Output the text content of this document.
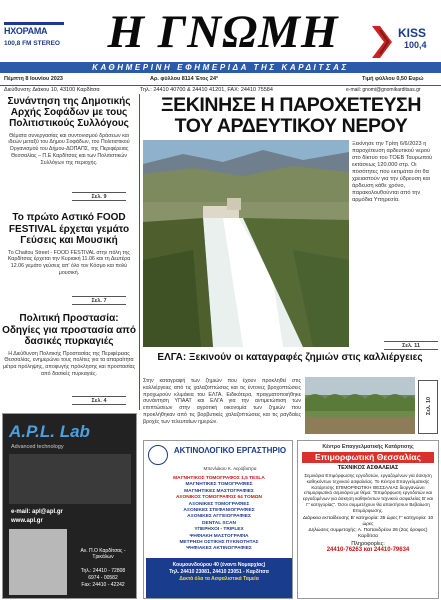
ΗΧΟΡΑΜΑ
100,8 FM STEREO	Η ΓΝΩΜΗ	KISS
100,4
ΚΑΘΗΜΕΡΙΝΗ ΕΦΗΜΕΡΙΔΑ ΤΗΣ ΚΑΡΔΙΤΣΑΣ
Πέμπτη 8 Ιουνίου 2023	Αρ. φύλλου 8114 Έτος 24°	Τιμή φύλλου 0,50 Ευρώ
Διεύθυνση: Διάκου 10, 43100 Καρδίτσα	Τηλ.: 24410 40700 & 24410 41201, FAX: 24410 75584	e-mail: gnomi@gnomikarditsas.gr
Συνάντηση της Δημοτικής Αρχής Σοφάδων με τους Πολιτιστικούς Συλλόγους
Θέματα συνεργασίας και συντονισμού δράσεων και ιδεών μεταξύ του Δήμου Σοφάδων, του Πολιτιστικού Οργανισμού του Δήμου-ΔΟΠΑΠΣ, της Περιφέρειας Θεσσαλίας – Π.Ε Καρδίτσας και των Πολιτιστικών Συλλόγων της περιοχής.
Σελ. 9
Το πρώτο Αστικό FOOD FESTIVAL έρχεται γεμάτο Γεύσεις και Μουσική
Το Chaitou Street - FOOD FESTIVAL στην πόλη της Καρδίτσας έρχεται την Κυριακή 11.06 και τη Δευτέρα 12.06 γεμάτο γεύσεις απ' όλο τον Κόσμο και πολύ μουσική.
Σελ. 7
Πολιτική Προστασία: Οδηγίες για προστασία από δασικές πυρκαγιές
Η Διεύθυνση Πολιτικής Προστασίας της Περιφέρειας Θεσσαλίας, ενημερώνει τους πολίτες για τα απαραίτητα μέτρα πρόληψης, αποφυγής πρόκλησης και προστασίας από δασικές πυρκαγιές.
Σελ. 4
ΞΕΚΙΝΗΣΕ Η ΠΑΡΟΧΕΤΕΥΣΗ
ΤΟΥ ΑΡΔΕΥΤΙΚΟΥ ΝΕΡΟΥ
Ξεκίνησε την Τρίτη 6/6/2023 η παροχέτευση αρδευτικού νερού στο δίκτυο του ΤΟΕΒ Ταυρωπού εκτάσεως 120.000 στρ. Οι ποσότητες που εκτιμάται ότι θα χρειαστούν για την ύδρευση και άρδευση κάθε χρόνο, παρακολουθούνται από την αρμόδια Υπηρεσία.
Σελ. 11
ΕΛΓΑ: Ξεκινούν οι καταγραφές ζημιών στις καλλιέργειες
Στην καταγραφή των ζημιών που έχουν προκληθεί στις καλλιέργειες από τις χαλαζοπτώσεις και τις έντονες βροχοπτώσεις προχωρούν κλιμάκια του ΕΛΓΑ. Ειδικότερα, πραγματοποιήθηκε συνάντηση ΥΠΑΑΤ και ΕΛΓΑ για την αντιμετώπιση των επιπτώσεων στην αγροτική οικονομία των ζημιών που προκλήθηκαν από τις βορβυτικές χαλαζοπτώσεις και τις ραγδαίες βροχές των τελευταίων ημερών.
Σελ. 10
A.P.L. Lab
Advanced technology
e-mail: apl@apl.gr
www.apl.gr
Αν. Π.Ο Καρδίτσας - Τρικάλων
Τηλ.: 24410 - 72808
6974 - 00582
Fax: 24410 - 42242
ΑΚΤΙΝΟΛΟΓΙΚΟ ΕΡΓΑΣΤΗΡΙΟ
Μπενλάκου Κ. Αερόβιστρα
ΜΑΓΝΗΤΙΚΟΣ ΤΟΜΟΓΡΑΦΟΣ 1,5 TESLA
ΜΑΓΝΗΤΙΚΕΣ ΤΟΜΟΓΡΑΦΙΕΣ
ΜΑΓΝΗΤΙΚΕΣ ΜΑΣΤΟΓΡΑΦΙΕΣ
ΑΞΟΝΙΚΟΣ ΤΟΜΟΓΡΑΦΟΣ 64 ΤΟΜΩΝ
ΑΞΟΝΙΚΕΣ ΤΟΜΟΓΡΑΦΙΕΣ
ΑΞΟΝΙΚΕΣ ΣΤΕΦΑΝΙΟΓΡΑΦΙΕΣ
ΑΞΟΝΙΚΕΣ ΑΓΓΕΙΟΓΡΑΦΙΕΣ
DENTAL SCAN
ΥΠΕΡΗΧΟΙ - TRIPLEX
ΨΗΦΙΑΚΗ ΜΑΣΤΟΓΡΑΦΙΑ
ΜΕΤΡΗΣΗ ΟΣΤΙΚΗΣ ΠΥΚΝΟΤΗΤΑΣ
ΨΗΦΙΑΚΕΣ ΑΚΤΙΝΟΓΡΑΦΙΕΣ
Κουμουνδούρου 40 (έναντι Νομαρχίας)
Τηλ. 24410 23081, 24410 23051 - Καρδίτσα
Δεκτά όλα τα Ασφαλιστικά Ταμεία
Κέντρο Επαγγελματικής Κατάρτισης
Επιμορφωτική Θεσσαλίας
ΤΕΧΝΙΚΟΣ ΑΣΦΑΛΕΙΑΣ
Σεμινάρια Επιμόρφωσης εργοδοτών, εργαζομένων για άσκηση καθηκόντων τεχνικού ασφαλείας. Το Κέντρο Επαγγελματικής Κατάρτισης ΕΠΙΜΟΡΦΩΤΙΚΗ ΘΕΣΣΑΛΙΑΣ διοργανώνει επιμορφωτικό σεμινάριο με θέμα: "Επιμόρφωση εργοδοτών και εργαζομένων για άσκηση καθηκόντων τεχνικού ασφαλείας Β' και Γ' κατηγορίας". Όσοι συμμετέχουν θα αποκτήσουν Βεβαίωση Επιμόρφωσης.
Διάρκεια εκπαίδευσης Β' κατηγορία: 35 ώρες Γ' κατηγορία: 10 ώρες
Δηλώσεις συμμετοχής: Α. Παπανδρέου 26 (2ος όροφος) Καρδίτσα
Πληροφορίες:
24410-76263 και 24410-79634
